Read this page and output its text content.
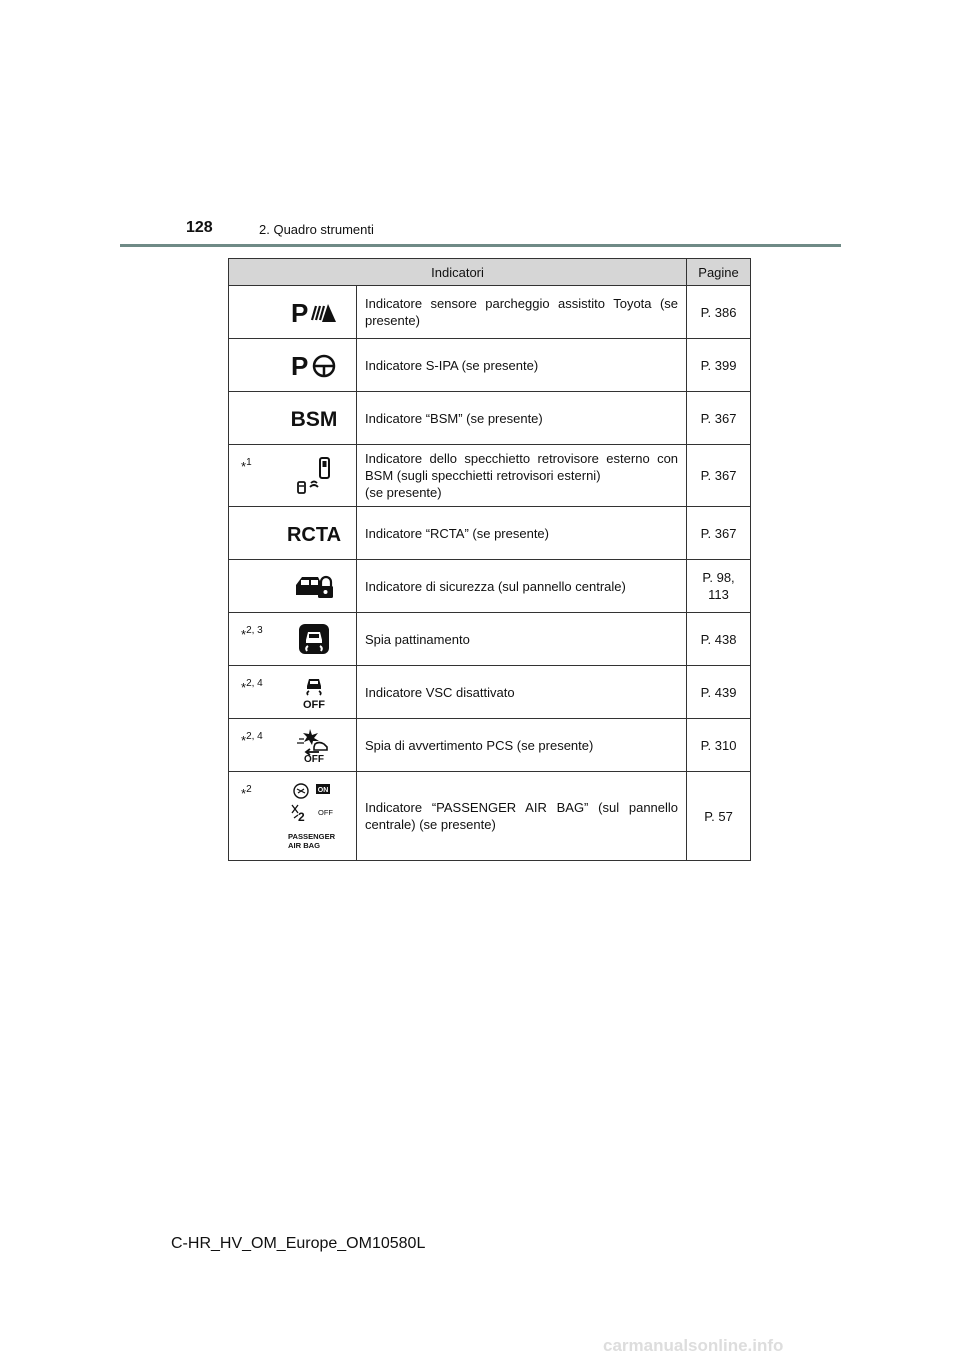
128	2. Quadro strumenti
Indicatori			Pagine

P	Indicatore sensore parcheggio assistito Toyota (se presente)	P. 386

P	Indicatore S-IPA (se presente)	P. 399

BSM	Indicatore “BSM” (se presente)	P. 367
*$^1$		Indicatore dello specchietto retrovisore esterno con BSM (sugli specchietti retrovisori esterni)
(se presente)	P. 367

RCTA	Indicatore “RCTA” (se presente)	P. 367

	Indicatore di sicurezza (sul pannello centrale)	P. 98,
113
*$^{2, 3}$		Spia pattinamento	P. 438
*$^{2, 4}$	OFF	Indicatore VSC disattivato	P. 439
*$^{2, 4}$	OFF	Spia di avvertimento PCS (se presente)	P. 310
*$^2$	ON
2 OFF
PASSENGER
AIR BAG	Indicatore “PASSENGER AIR BAG” (sul pannello centrale) (se presente)	P. 57
C-HR_HV_OM_Europe_OM10580L
carmanualsonline.info
